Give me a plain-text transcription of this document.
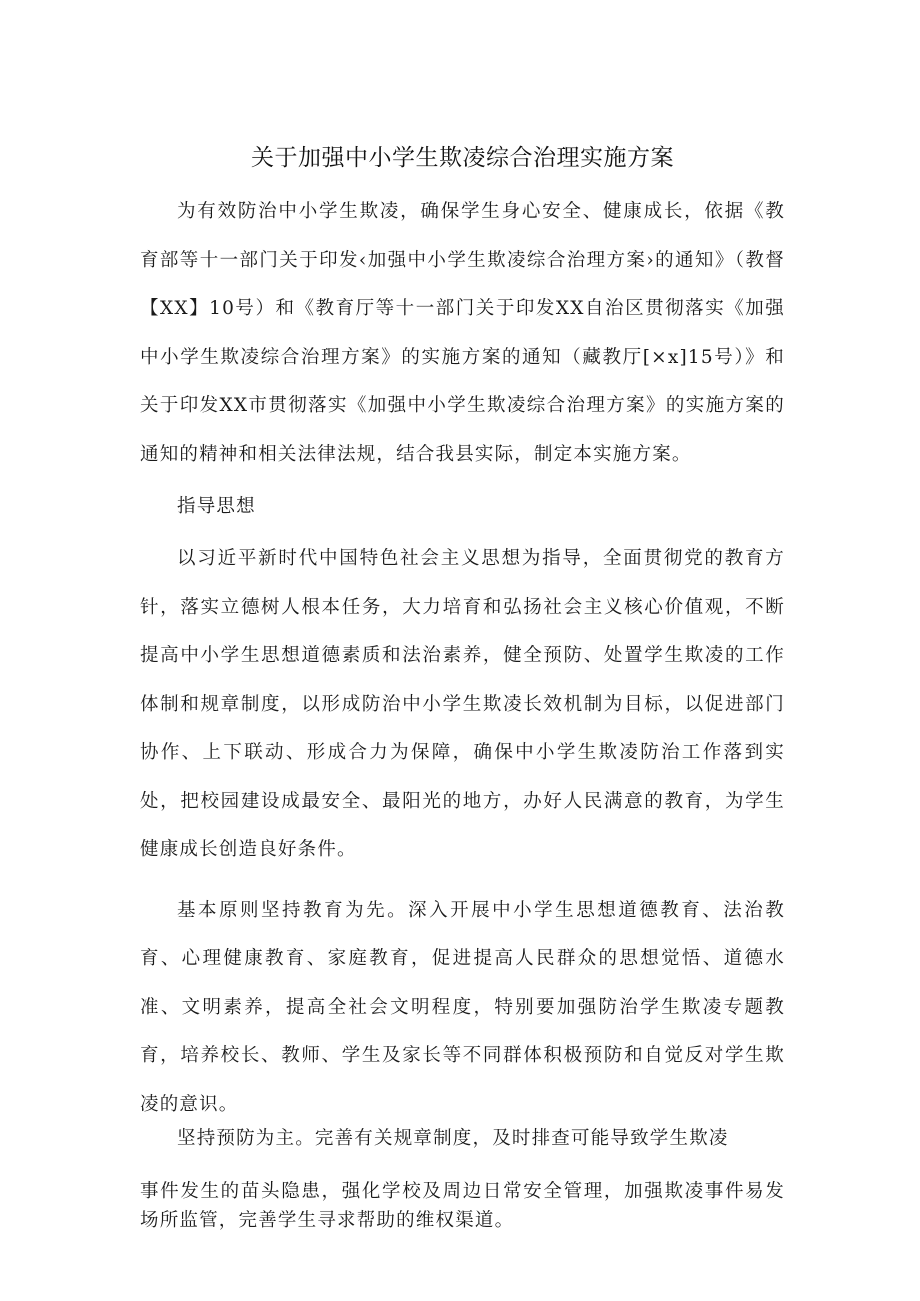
关于加强中小学生欺凌综合治理实施方案

为有效防治中小学生欺凌，确保学生身心安全、健康成长，依据《教育部等十一部门关于印发‹加强中小学生欺凌综合治理方案›的通知》（教督【XX】10号）和《教育厅等十一部门关于印发XX自治区贯彻落实《加强中小学生欺凌综合治理方案》的实施方案的通知（藏教厅[×x]15号）》和关于印发XX市贯彻落实《加强中小学生欺凌综合治理方案》的实施方案的通知的精神和相关法律法规，结合我县实际，制定本实施方案。

指导思想

以习近平新时代中国特色社会主义思想为指导，全面贯彻党的教育方针，落实立德树人根本任务，大力培育和弘扬社会主义核心价值观，不断提高中小学生思想道德素质和法治素养，健全预防、处置学生欺凌的工作体制和规章制度，以形成防治中小学生欺凌长效机制为目标，以促进部门协作、上下联动、形成合力为保障，确保中小学生欺凌防治工作落到实处，把校园建设成最安全、最阳光的地方，办好人民满意的教育，为学生健康成长创造良好条件。

基本原则坚持教育为先。深入开展中小学生思想道德教育、法治教育、心理健康教育、家庭教育，促进提高人民群众的思想觉悟、道德水准、文明素养，提高全社会文明程度，特别要加强防治学生欺凌专题教育，培养校长、教师、学生及家长等不同群体积极预防和自觉反对学生欺凌的意识。

坚持预防为主。完善有关规章制度，及时排查可能导致学生欺凌

事件发生的苗头隐患，强化学校及周边日常安全管理，加强欺凌事件易发场所监管，完善学生寻求帮助的维权渠道。
